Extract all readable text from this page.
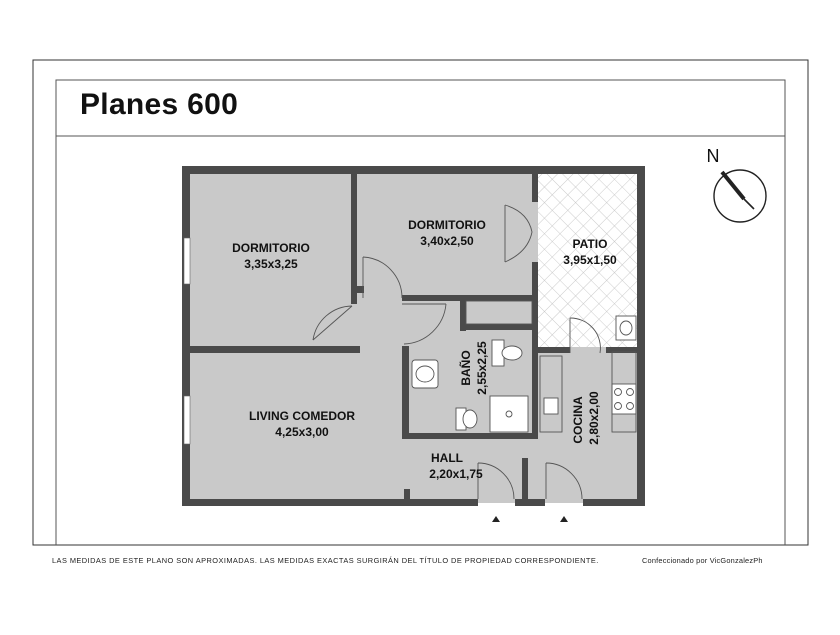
DORMITORIO
3,35x3,25
DORMITORIO
3,40x2,50	PATIO
3,95x1,50
LIVING COMEDOR
4,25x3,00
HALL
2,20x1,75
BAÑO 2,55x2,25
COCINA 2,80x2,00
N
Planes 600
LAS MEDIDAS DE ESTE PLANO SON APROXIMADAS. LAS MEDIDAS EXACTAS SURGIRÁN DEL TÍTULO DE PROPIEDAD CORRESPONDIENTE.	Confeccionado por VicGonzalezPh
